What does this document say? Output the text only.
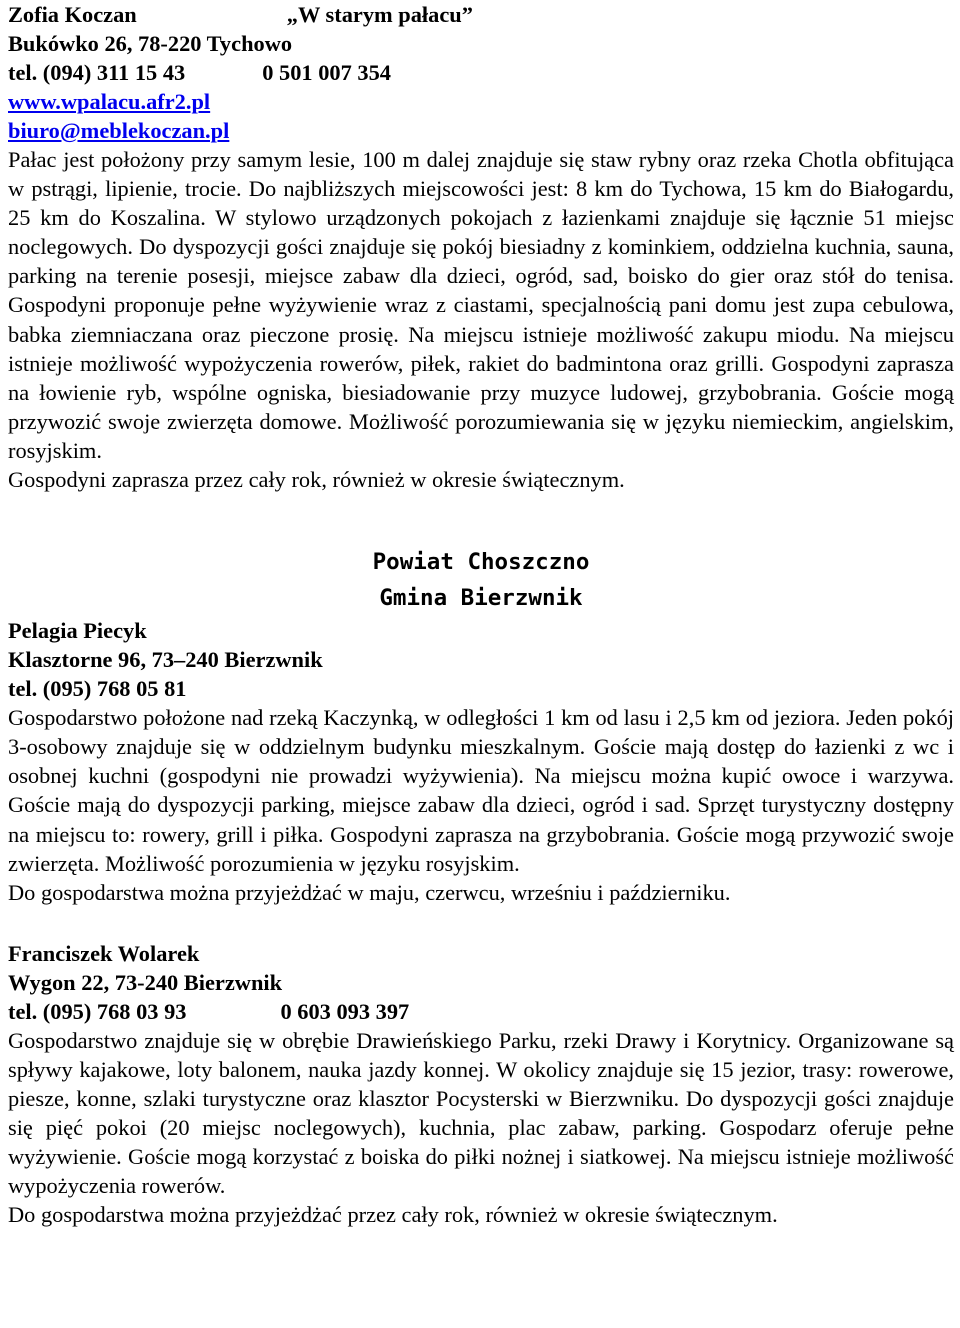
Zofia Koczan	„W starym pałacu”
Bukówko 26, 78-220 Tychowo
tel. (094) 311 15 43	0 501 007 354
www.wpalacu.afr2.pl
biuro@meblekoczan.pl

Pałac jest położony przy samym lesie, 100 m dalej znajduje się staw rybny oraz rzeka Chotla obfitująca w pstrągi, lipienie, trocie. Do najbliższych miejscowości jest: 8 km do Tychowa, 15 km do Białogardu, 25 km do Koszalina. W stylowo urządzonych pokojach z łazienkami znajduje się łącznie 51 miejsc noclegowych. Do dyspozycji gości znajduje się pokój biesiadny z kominkiem, oddzielna kuchnia, sauna, parking na terenie posesji, miejsce zabaw dla dzieci, ogród, sad, boisko do gier oraz stół do tenisa. Gospodyni proponuje pełne wyżywienie wraz z ciastami, specjalnością pani domu jest zupa cebulowa, babka ziemniaczana oraz pieczone prosię. Na miejscu istnieje możliwość zakupu miodu. Na miejscu istnieje możliwość wypożyczenia rowerów, piłek, rakiet do badmintona oraz grilli. Gospodyni zaprasza na łowienie ryb, wspólne ogniska, biesiadowanie przy muzyce ludowej, grzybobrania. Goście mogą przywozić swoje zwierzęta domowe. Możliwość porozumiewania się w języku niemieckim, angielskim, rosyjskim.

Gospodyni zaprasza przez cały rok, również w okresie świątecznym.

Powiat Choszczno
Gmina Bierzwnik
Pelagia Piecyk
Klasztorne 96, 73–240 Bierzwnik
tel. (095) 768 05 81

Gospodarstwo położone nad rzeką Kaczynką, w odległości 1 km od lasu i 2,5 km od jeziora. Jeden pokój 3-osobowy znajduje się w oddzielnym budynku mieszkalnym. Goście mają dostęp do łazienki z wc i osobnej kuchni (gospodyni nie prowadzi wyżywienia). Na miejscu można kupić owoce i warzywa. Goście mają do dyspozycji parking, miejsce zabaw dla dzieci, ogród i sad. Sprzęt turystyczny dostępny na miejscu to: rowery, grill i piłka. Gospodyni zaprasza na grzybobrania. Goście mogą przywozić swoje zwierzęta. Możliwość porozumienia w języku rosyjskim.

Do gospodarstwa można przyjeżdżać w maju, czerwcu, wrześniu i październiku.

Franciszek Wolarek
Wygon 22, 73-240 Bierzwnik
tel. (095) 768 03 93	0 603 093 397

Gospodarstwo znajduje się w obrębie Drawieńskiego Parku, rzeki Drawy i Korytnicy. Organizowane są spływy kajakowe, loty balonem, nauka jazdy konnej. W okolicy znajduje się 15 jezior, trasy: rowerowe, piesze, konne, szlaki turystyczne oraz klasztor Pocysterski w Bierzwniku. Do dyspozycji gości znajduje się pięć pokoi (20 miejsc noclegowych), kuchnia, plac zabaw, parking. Gospodarz oferuje pełne wyżywienie. Goście mogą korzystać z boiska do piłki nożnej i siatkowej. Na miejscu istnieje możliwość wypożyczenia rowerów.

Do gospodarstwa można przyjeżdżać przez cały rok, również w okresie świątecznym.
